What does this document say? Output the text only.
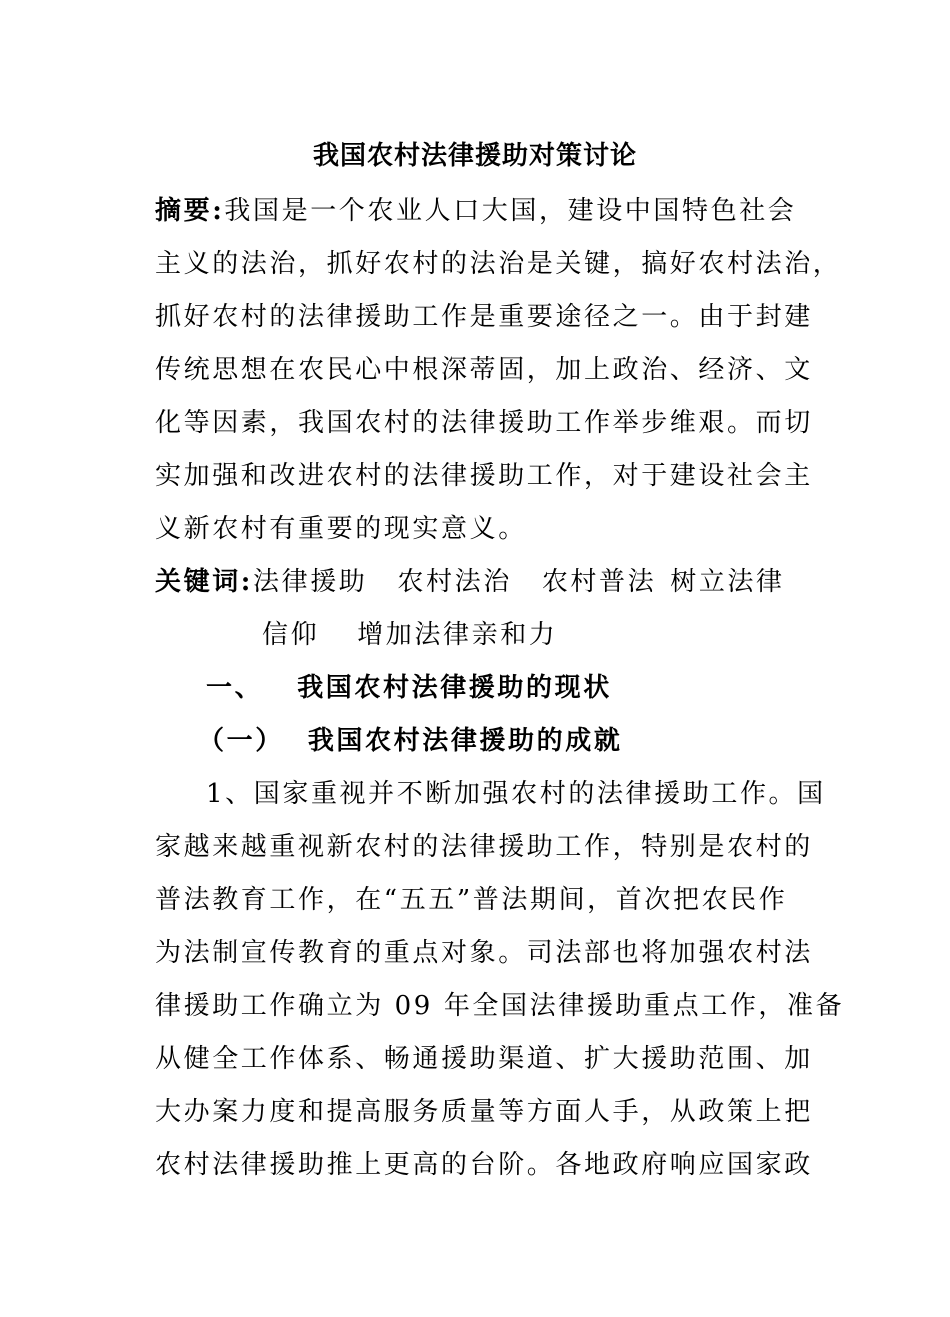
我国农村法律援助对策讨论
摘要:我国是一个农业人口大国，建设中国特色社会
主义的法治，抓好农村的法治是关键，搞好农村法治，
抓好农村的法律援助工作是重要途径之一。由于封建
传统思想在农民心中根深蒂固，加上政治、经济、文
化等因素，我国农村的法律援助工作举步维艰。而切
实加强和改进农村的法律援助工作，对于建设社会主
义新农村有重要的现实意义。
关键词:法律援助 农村法治 农村普法 树立法律
信仰 增加法律亲和力
一、 我国农村法律援助的现状
（一） 我国农村法律援助的成就
1、国家重视并不断加强农村的法律援助工作。国
家越来越重视新农村的法律援助工作，特别是农村的
普法教育工作，在“五五”普法期间，首次把农民作
为法制宣传教育的重点对象。司法部也将加强农村法
律援助工作确立为 09 年全国法律援助重点工作，准备
从健全工作体系、畅通援助渠道、扩大援助范围、加
大办案力度和提高服务质量等方面人手，从政策上把
农村法律援助推上更高的台阶。各地政府响应国家政
